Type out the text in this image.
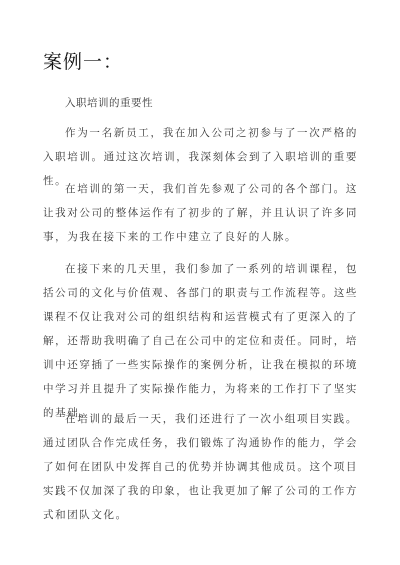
案例一：

入职培训的重要性

作为一名新员工，我在加入公司之初参与了一次严格的入职培训。通过这次培训，我深刻体会到了入职培训的重要性。

在培训的第一天，我们首先参观了公司的各个部门。这让我对公司的整体运作有了初步的了解，并且认识了许多同事，为我在接下来的工作中建立了良好的人脉。

在接下来的几天里，我们参加了一系列的培训课程，包括公司的文化与价值观、各部门的职责与工作流程等。这些课程不仅让我对公司的组织结构和运营模式有了更深入的了解，还帮助我明确了自己在公司中的定位和责任。同时，培训中还穿插了一些实际操作的案例分析，让我在模拟的环境中学习并且提升了实际操作能力，为将来的工作打下了坚实的基础。

在培训的最后一天，我们还进行了一次小组项目实践。通过团队合作完成任务，我们锻炼了沟通协作的能力，学会了如何在团队中发挥自己的优势并协调其他成员。这个项目实践不仅加深了我的印象，也让我更加了解了公司的工作方式和团队文化。
